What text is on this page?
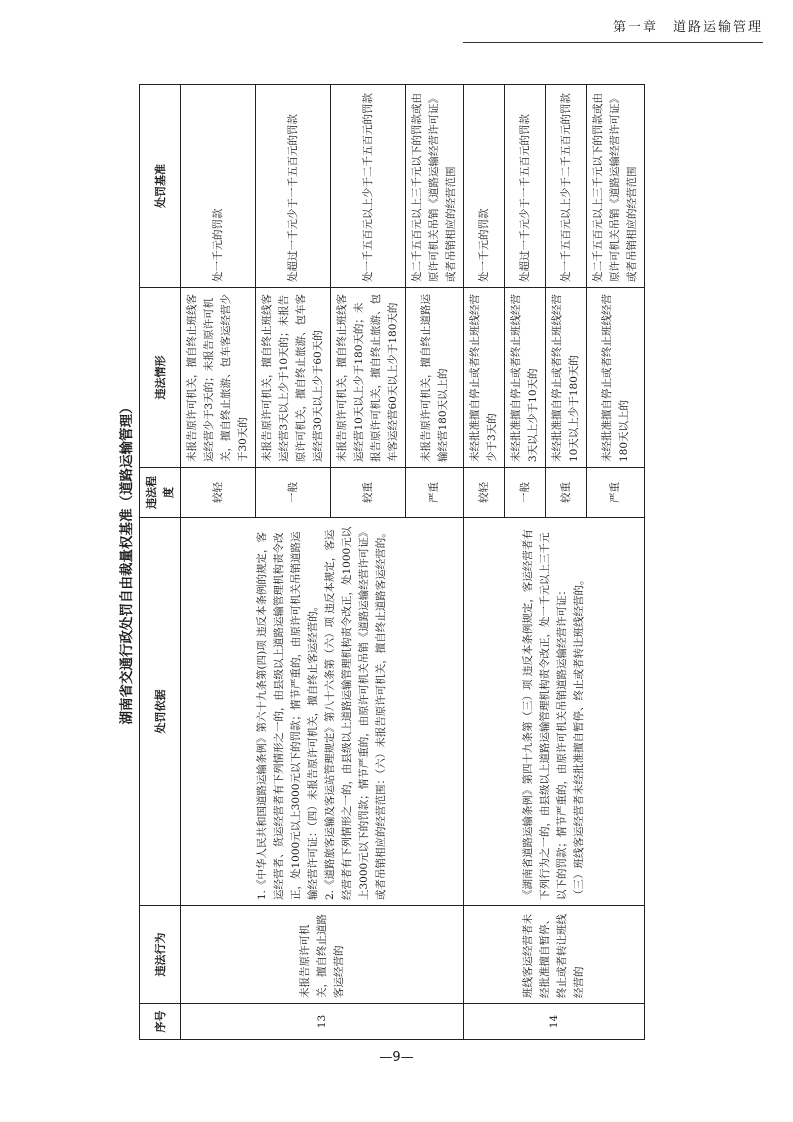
第一章　道路运输管理
湖南省交通行政处罚自由裁量权基准（道路运输管理）
序号	违法行为	处罚依据	违法程度	违法情形	处罚基准
13	未报告原许可机关，擅自终止道路客运经营的	1.《中华人民共和国道路运输条例》第六十九条第(四)项 违反本条例的规定，客运经营者、货运经营者有下列情形之一的，由县级以上道路运输管理机构责令改正，处1000元以上3000元以下的罚款；情节严重的，由原许可机关吊销道路运输经营许可证：（四）未报告原许可机关，擅自终止客运经营的。 2.《道路旅客运输及客运站管理规定》第八十六条第（六）项 违反本规定，客运经营者有下列情形之一的，由县级以上道路运输管理机构责令改正，处1000元以上3000元以下的罚款；情节严重的，由原许可机关吊销《道路运输经营许可证》或者吊销相应的经营范围：（六）未报告原许可机关，擅自终止道路客运经营的。	较轻	未报告原许可机关，擅自终止班线客运经营少于3天的；未报告原许可机关，擅自终止旅游、包车客运经营少于30天的	处一千元的罚款
			一般	未报告原许可机关，擅自终止班线客运经营3天以上少于10天的；未报告原许可机关，擅自终止旅游、包车客运经营30天以上少于60天的	处超过一千元少于一千五百元的罚款
			较重	未报告原许可机关，擅自终止班线客运经营10天以上少于180天的；未报告原许可机关，擅自终止旅游、包车客运经营60天以上少于180天的	处一千五百元以上少于二千五百元的罚款
			严重	未报告原许可机关，擅自终止道路运输经营180天以上的	处二千五百元以上三千元以下的罚款或由原许可机关吊销《道路运输经营许可证》或者吊销相应的经营范围
14	班线客运经营者未经批准擅自暂停、终止或者转让班线经营的	《湖南省道路运输条例》第四十九条第（三）项 违反本条例规定，客运经营者有下列行为之一的，由县级以上道路运输管理机构责令改正，处一千元以上三千元以下的罚款；情节严重的，由原许可机关吊销道路运输经营许可证： （三）班线客运经营者未经批准擅自暂停、终止或者转让班线经营的。	较轻	未经批准擅自停止或者终止班线经营少于3天的	处一千元的罚款
			一般	未经批准擅自停止或者终止班线经营3天以上少于10天的	处超过一千元少于一千五百元的罚款
			较重	未经批准擅自停止或者终止班线经营10天以上少于180天的	处一千五百元以上少于二千五百元的罚款
			严重	未经批准擅自停止或者终止班线经营180天以上的	处二千五百元以上三千元以下的罚款或由原许可机关吊销《道路运输经营许可证》或者吊销相应的经营范围
—9—
